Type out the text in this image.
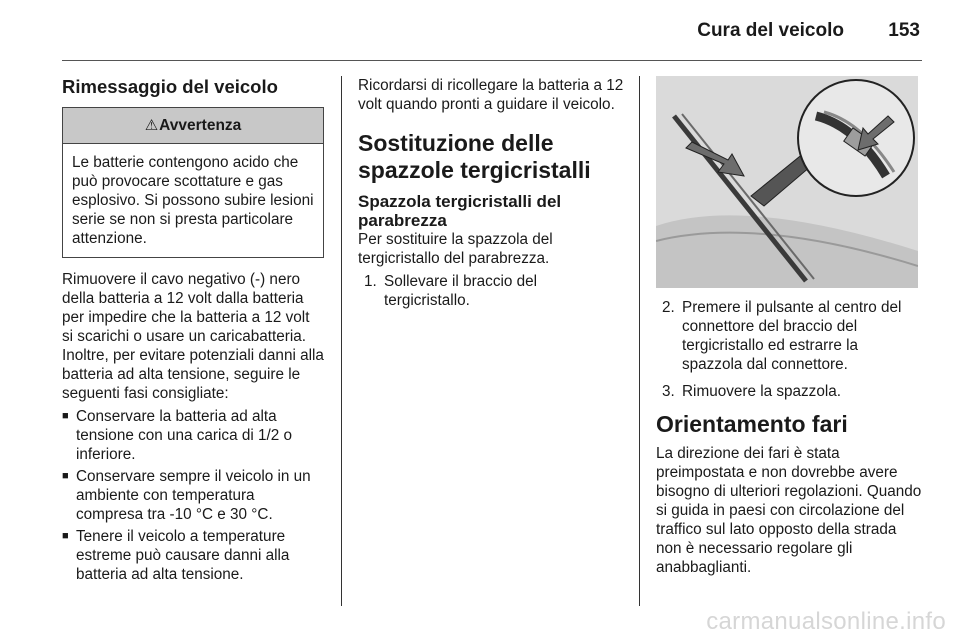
Cura del veicolo 153
Rimessaggio del veicolo
⚠Avvertenza
Le batterie contengono acido che può provocare scottature e gas esplosivo. Si possono subire lesioni serie se non si presta particolare attenzione.

Rimuovere il cavo negativo (-) nero della batteria a 12 volt dalla batteria per impedire che la batteria a 12 volt si scarichi o usare un caricabatteria. Inoltre, per evitare potenziali danni alla batteria ad alta tensione, seguire le seguenti fasi consigliate:

■ Conservare la batteria ad alta tensione con una carica di 1/2 o inferiore.
■ Conservare sempre il veicolo in un ambiente con temperatura compresa tra -10 °C e 30 °C.
■ Tenere il veicolo a temperature estreme può causare danni alla batteria ad alta tensione.

Ricordarsi di ricollegare la batteria a 12 volt quando pronti a guidare il veicolo.

Sostituzione delle spazzole tergicristalli
Spazzola tergicristalli del parabrezza

Per sostituire la spazzola del tergicristallo del parabrezza.

1. Sollevare il braccio del tergicristallo.	2. Premere il pulsante al centro del connettore del braccio del tergicristallo ed estrarre la spazzola dal connettore.
3. Rimuovere la spazzola.
Orientamento fari

La direzione dei fari è stata preimpostata e non dovrebbe avere bisogno di ulteriori regolazioni. Quando si guida in paesi con circolazione del traffico sul lato opposto della strada non è necessario regolare gli anabbaglianti.

carmanualsonline.info
